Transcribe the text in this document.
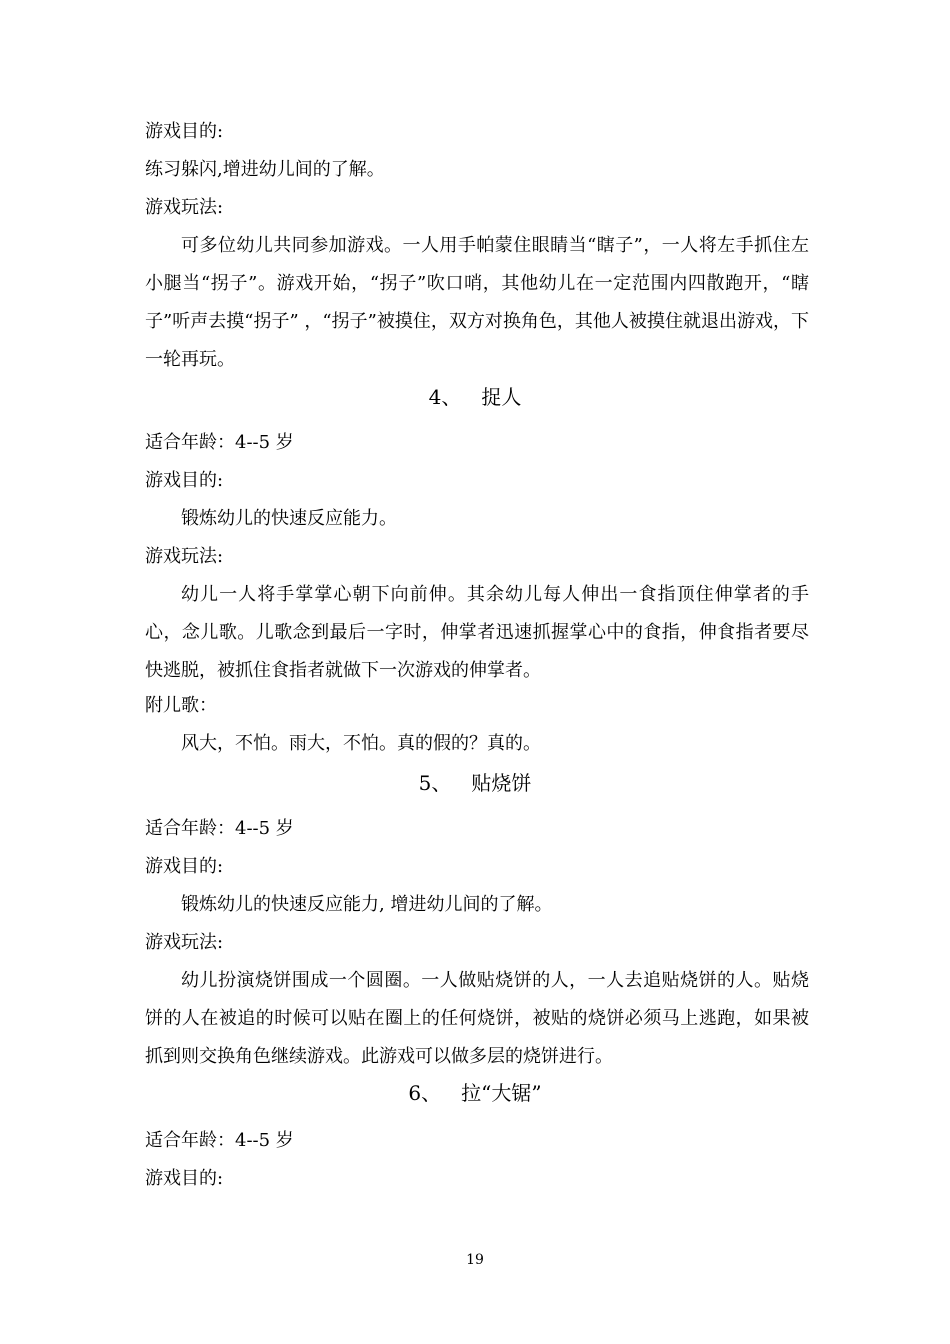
游戏目的:
练习躲闪,增进幼儿间的了解。
游戏玩法:
可多位幼儿共同参加游戏。一人用手帕蒙住眼睛当“瞎子”，一人将左手抓住左小腿当“拐子”。游戏开始，“拐子”吹口哨，其他幼儿在一定范围内四散跑开，“瞎子”听声去摸“拐子” ，“拐子”被摸住，双方对换角色，其他人被摸住就退出游戏，下一轮再玩。
4、 捉人
适合年龄：4--5 岁
游戏目的:
锻炼幼儿的快速反应能力。
游戏玩法:
幼儿一人将手掌掌心朝下向前伸。其余幼儿每人伸出一食指顶住伸掌者的手心，念儿歌。儿歌念到最后一字时，伸掌者迅速抓握掌心中的食指，伸食指者要尽快逃脱，被抓住食指者就做下一次游戏的伸掌者。
附儿歌：
风大，不怕。雨大，不怕。真的假的？真的。
5、 贴烧饼
适合年龄：4--5 岁
游戏目的:
锻炼幼儿的快速反应能力, 增进幼儿间的了解。
游戏玩法:
幼儿扮演烧饼围成一个圆圈。一人做贴烧饼的人，一人去追贴烧饼的人。贴烧饼的人在被追的时候可以贴在圈上的任何烧饼，被贴的烧饼必须马上逃跑，如果被抓到则交换角色继续游戏。此游戏可以做多层的烧饼进行。
6、 拉“大锯”
适合年龄：4--5 岁
游戏目的:
19
